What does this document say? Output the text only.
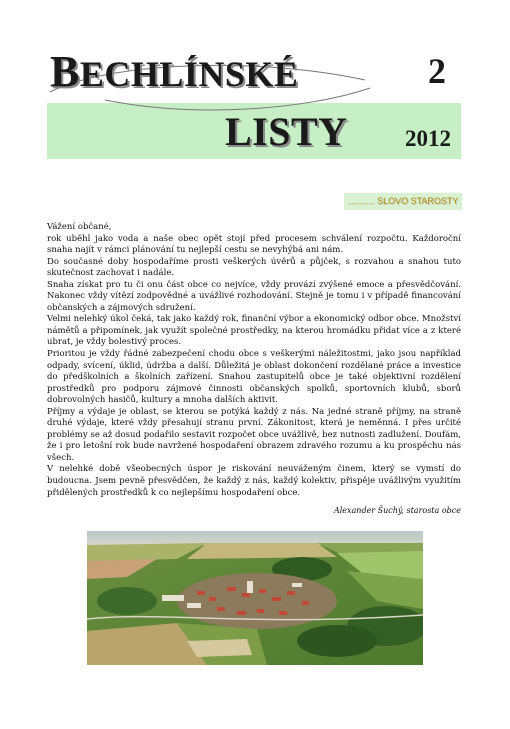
BECHLÍNSKÉ	2
LISTY 2012
……… SLOVO STAROSTY

Vážení občané,

rok uběhl jako voda a naše obec opět stojí před procesem schválení rozpočtu. Každoroční snaha najít v rámci plánování tu nejlepší cestu se nevyhýbá ani nám.

Do současné doby hospodaříme prosti veškerých úvěrů a půjček, s rozvahou a snahou tuto skutečnost zachovat i nadále.

Snaha získat pro tu či onu část obce co nejvíce, vždy provází zvýšené emoce a přesvědčování. Nakonec vždy vítězí zodpovědné a uvážlivé rozhodování. Stejně je tomu i v případě financování občanských a zájmových sdružení.

Velmi nelehký úkol čeká, tak jako každý rok, finanční výbor a ekonomický odbor obce. Množství námětů a připomínek, jak využít společné prostředky, na kterou hromádku přidat více a z které ubrat, je vždy bolestivý proces.

Prioritou je vždy řádné zabezpečení chodu obce s veškerými náležitostmi, jako jsou například odpady, svícení, úklid, údržba a další. Důležitá je oblast dokončení rozdělané práce a investice do předškolních a školních zařízení. Snahou zastupitelů obce je také objektivní rozdělení prostředků pro podporu zájmové činnosti občanských spolků, sportovních klubů, sborů dobrovolných hasičů, kultury a mnoha dalších aktivit.

Příjmy a výdaje je oblast, se kterou se potýká každý z nás. Na jedné straně příjmy, na straně druhé výdaje, které vždy přesahují stranu první. Zákonitost, která je neměnná. I přes určité problémy se až dosud podařilo sestavit rozpočet obce uvážlivě, bez nutnosti zadlužení. Doufám, že i pro letošní rok bude navržené hospodaření obrazem zdravého rozumu a ku prospěchu nás všech.

V nelehké době všeobecných úspor je riskování neuváženým činem, který se vymstí do budoucna. Jsem pevně přesvědčen, že každý z nás, každý kolektiv, přispěje uvážlivým využitím přidělených prostředků k co nejlepšímu hospodaření obce.

Alexander Šuchý, starosta obce
